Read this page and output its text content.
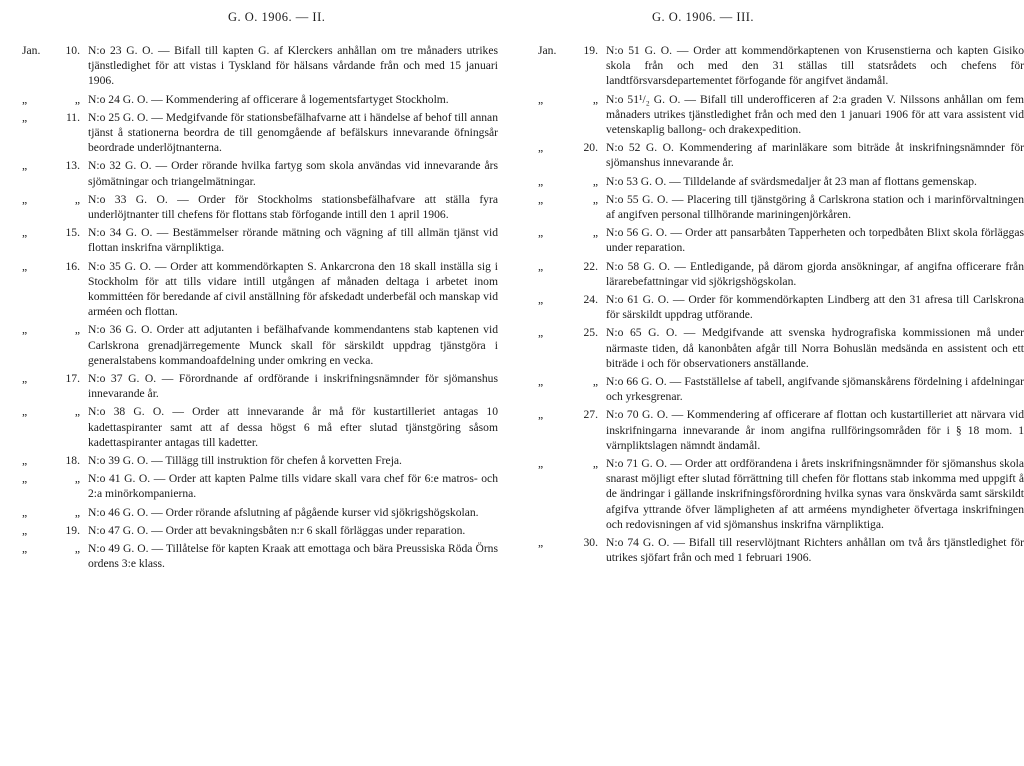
G. O. 1906. — II.
Jan.	10. N:o 23 G. O. — Bifall till kapten G. af Klerckers anhållan om tre månaders utrikes tjänstledighet för att vistas i Tyskland för hälsans vårdande från och med 15 januari 1906.
„	„ N:o 24 G. O. — Kommendering af officerare å logementsfartyget Stockholm.
„	11. N:o 25 G. O. — Medgifvande för stationsbefälhafvarne att i händelse af behof till annan tjänst å stationerna beordra de till genomgående af befälskurs innevarande öfningsår beordrade underlöjtnanterna.
„	13. N:o 32 G. O. — Order rörande hvilka fartyg som skola användas vid innevarande års sjömätningar och triangelmätningar.
„	„ N:o 33 G. O. — Order för Stockholms stationsbefälhafvare att ställa fyra underlöjtnanter till chefens för flottans stab förfogande intill den 1 april 1906.
„	15. N:o 34 G. O. — Bestämmelser rörande mätning och vägning af till allmän tjänst vid flottan inskrifna värnpliktiga.
„	16. N:o 35 G. O. — Order att kommendörkapten S. Ankarcrona den 18 skall inställa sig i Stockholm för att tills vidare intill utgången af månaden deltaga i arbetet inom kommittéen för beredande af civil anställning för afskedadt underbefäl och manskap vid arméen och flottan.
„	„ N:o 36 G. O. Order att adjutanten i befälhafvande kommendantens stab kaptenen vid Carlskrona grenadjärregemente Munck skall för särskildt uppdrag tjänstgöra i generalstabens kommandoafdelning under omkring en vecka.
„	17. N:o 37 G. O. — Förordnande af ordförande i inskrifningsnämnder för sjömanshus innevarande år.
„	„ N:o 38 G. O. — Order att innevarande år må för kustartilleriet antagas 10 kadettaspiranter samt att af dessa högst 6 må efter slutad tjänstgöring såsom kadettaspiranter antagas till kadetter.
„	18. N:o 39 G. O. — Tillägg till instruktion för chefen å korvetten Freja.
„	„ N:o 41 G. O. — Order att kapten Palme tills vidare skall vara chef för 6:e matros- och 2:a minörkompanierna.
„	„ N:o 46 G. O. — Order rörande afslutning af pågående kurser vid sjökrigshögskolan.
„	19. N:o 47 G. O. — Order att bevakningsbåten n:r 6 skall förläggas under reparation.
„	„ N:o 49 G. O. — Tillåtelse för kapten Kraak att emottaga och bära Preussiska Röda Örns ordens 3:e klass.
G. O. 1906. — III.
Jan.	19. N:o 51 G. O. — Order att kommendörkaptenen von Krusenstierna och kapten Gisiko skola från och med den 31 ställas till statsrådets och chefens för landtförsvarsdepartementet förfogande för angifvet ändamål.
„	„ N:o 51¹/₂ G. O. — Bifall till underofficeren af 2:a graden V. Nilssons anhållan om fem månaders utrikes tjänstledighet från och med den 1 januari 1906 för att vara assistent vid vetenskaplig ballong- och drakexpedition.
„	20. N:o 52 G. O. Kommendering af marinläkare som biträde åt inskrifningsnämnder för sjömanshus innevarande år.
„	„ N:o 53 G. O. — Tilldelande af svärdsmedaljer åt 23 man af flottans gemenskap.
„	„ N:o 55 G. O. — Placering till tjänstgöring å Carlskrona station och i marinförvaltningen af angifven personal tillhörande mariningenjörkåren.
„	„ N:o 56 G. O. — Order att pansarbåten Tapperheten och torpedbåten Blixt skola förläggas under reparation.
„	22. N:o 58 G. O. — Entledigande, på därom gjorda ansökningar, af angifna officerare från lärarebefattningar vid sjökrigshögskolan.
„	24. N:o 61 G. O. — Order för kommendörkapten Lindberg att den 31 afresa till Carlskrona för särskildt uppdrag utförande.
„	25. N:o 65 G. O. — Medgifvande att svenska hydrografiska kommissionen må under närmaste tiden, då kanonbåten afgår till Norra Bohuslän medsända en assistent och ett biträde i och för observationers anställande.
„	„ N:o 66 G. O. — Fastställelse af tabell, angifvande sjömanskårens fördelning i afdelningar och yrkesgrenar.
„	27. N:o 70 G. O. — Kommendering af officerare af flottan och kustartilleriet att närvara vid inskrifningarna innevarande år inom angifna rullföringsområden för i § 18 mom. 1 värnpliktslagen nämndt ändamål.
„	„ N:o 71 G. O. — Order att ordförandena i årets inskrifningsnämnder för sjömanshus skola snarast möjligt efter slutad förrättning till chefen för flottans stab inkomma med uppgift å de ändringar i gällande inskrifningsförordning hvilka synas vara önskvärda samt särskildt afgifva yttrande öfver lämpligheten af att arméens myndigheter öfvertaga inskrifningen och redovisningen af vid sjömanshus inskrifna värnpliktiga.
„	30. N:o 74 G. O. — Bifall till reservlöjtnant Richters anhållan om två års tjänstledighet för utrikes sjöfart från och med 1 februari 1906.
